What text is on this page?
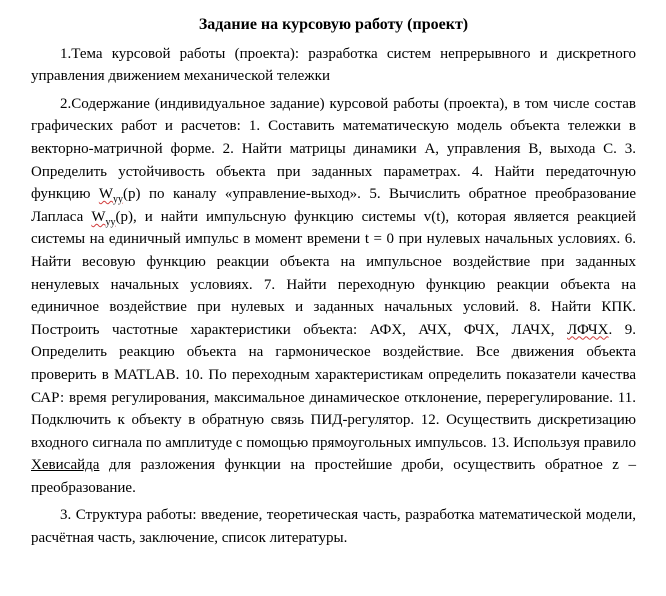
Задание на курсовую работу (проект)

1.Тема курсовой работы (проекта): разработка систем непрерывного и дискретного управления движением механической тележки

2.Содержание (индивидуальное задание) курсовой работы (проекта), в том числе состав графических работ и расчетов: 1. Составить математическую модель объекта тележки в векторно-матричной форме. 2. Найти матрицы динамики A, управления B, выхода C. 3. Определить устойчивость объекта при заданных параметрах. 4. Найти передаточную функцию $W_{уу}(p)$ по каналу «управление-выход». 5. Вычислить обратное преобразование Лапласа $W_{уу}(p)$, и найти импульсную функцию системы v(t), которая является реакцией системы на единичный импульс в момент времени t = 0 при нулевых начальных условиях. 6. Найти весовую функцию реакции объекта на импульсное воздействие при заданных ненулевых начальных условиях. 7. Найти переходную функцию реакции объекта на единичное воздействие при нулевых и заданных начальных условий. 8. Найти КПК. Построить частотные характеристики объекта: АФХ, АЧХ, ФЧХ, ЛАЧХ, ЛФЧХ. 9. Определить реакцию объекта на гармоническое воздействие. Все движения объекта проверить в MATLAB. 10. По переходным характеристикам определить показатели качества САР: время регулирования, максимальное динамическое отклонение, перерегулирование. 11. Подключить к объекту в обратную связь ПИД-регулятор. 12. Осуществить дискретизацию входного сигнала по амплитуде с помощью прямоугольных импульсов. 13. Используя правило Хевисайда для разложения функции на простейшие дроби, осуществить обратное z – преобразование.

3. Структура работы: введение, теоретическая часть, разработка математической модели, расчётная часть, заключение, список литературы.
